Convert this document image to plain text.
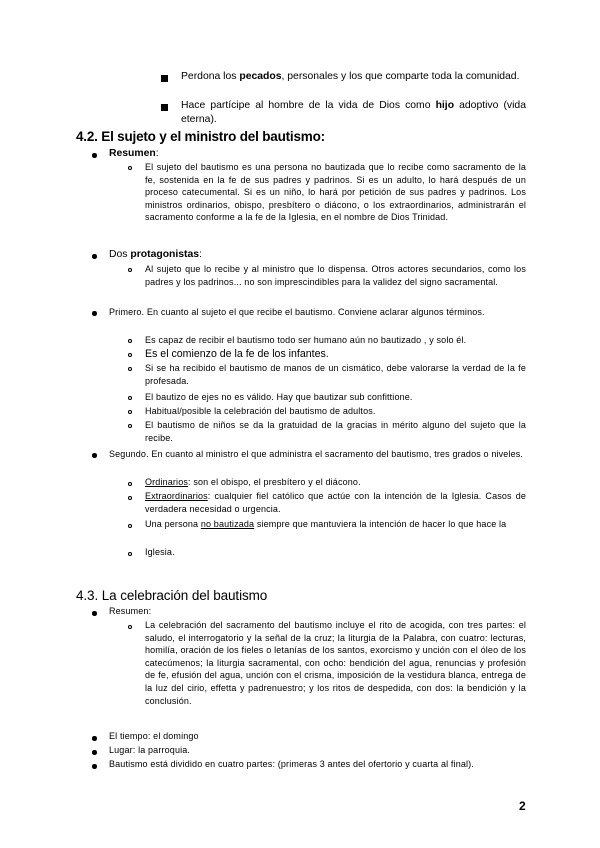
Perdona los pecados, personales y los que comparte toda la comunidad.
Hace partícipe al hombre de la vida de Dios como hijo adoptivo (vida eterna).
4.2. El sujeto y el ministro del bautismo:
Resumen:
El sujeto del bautismo es una persona no bautizada que lo recibe como sacramento de la fe, sostenida en la fe de sus padres y padrinos. Si es un adulto, lo hará después de un proceso catecumental. Si es un niño, lo hará por petición de sus padres y padrinos. Los ministros ordinarios, obispo, presbítero o diácono, o los extraordinarios, administrarán el sacramento conforme a la fe de la Iglesia, en el nombre de Dios Trinidad.
Dos protagonistas:
Al sujeto que lo recibe y al ministro que lo dispensa. Otros actores secundarios, como los padres y los padrinos... no son imprescindibles para la validez del signo sacramental.
Primero. En cuanto al sujeto el que recibe el bautismo. Conviene aclarar algunos términos.
Es capaz de recibir el bautismo todo ser humano aún no bautizado , y solo él.
Es el comienzo de la fe de los infantes.
Si se ha recibido el bautismo de manos de un cismático, debe valorarse la verdad de la fe profesada.
El bautizo de ejes no es válido. Hay que bautizar sub confittione.
Habitual/posible la celebración del bautismo de adultos.
El bautismo de niños se da la gratuidad de la gracias in mérito alguno del sujeto que la recibe.
Segundo. En cuanto al ministro el que administra el sacramento del bautismo, tres grados o niveles.
Ordinarios: son el obispo, el presbítero y el diácono.
Extraordinarios: cualquier fiel católico que actúe con la intención de la Iglesia. Casos de verdadera necesidad o urgencia.
Una persona no bautizada siempre que mantuviera la intención de hacer lo que hace la
Iglesia.
4.3. La celebración del bautismo
Resumen:
La celebración del sacramento del bautismo incluye el rito de acogida, con tres partes: el saludo, el interrogatorio y la señal de la cruz; la liturgia de la Palabra, con cuatro: lecturas, homilía, oración de los fieles o letanías de los santos, exorcismo y unción con el óleo de los catecúmenos; la liturgia sacramental, con ocho: bendición del agua, renuncias y profesión de fe, efusión del agua, unción con el crisma, imposición de la vestidura blanca, entrega de la luz del cirio, effetta y padrenuestro; y los ritos de despedida, con dos: la bendición y la conclusión.
El tiempo: el domingo
Lugar: la parroquia.
Bautismo está dividido en cuatro partes: (primeras 3 antes del ofertorio y cuarta al final).
2
